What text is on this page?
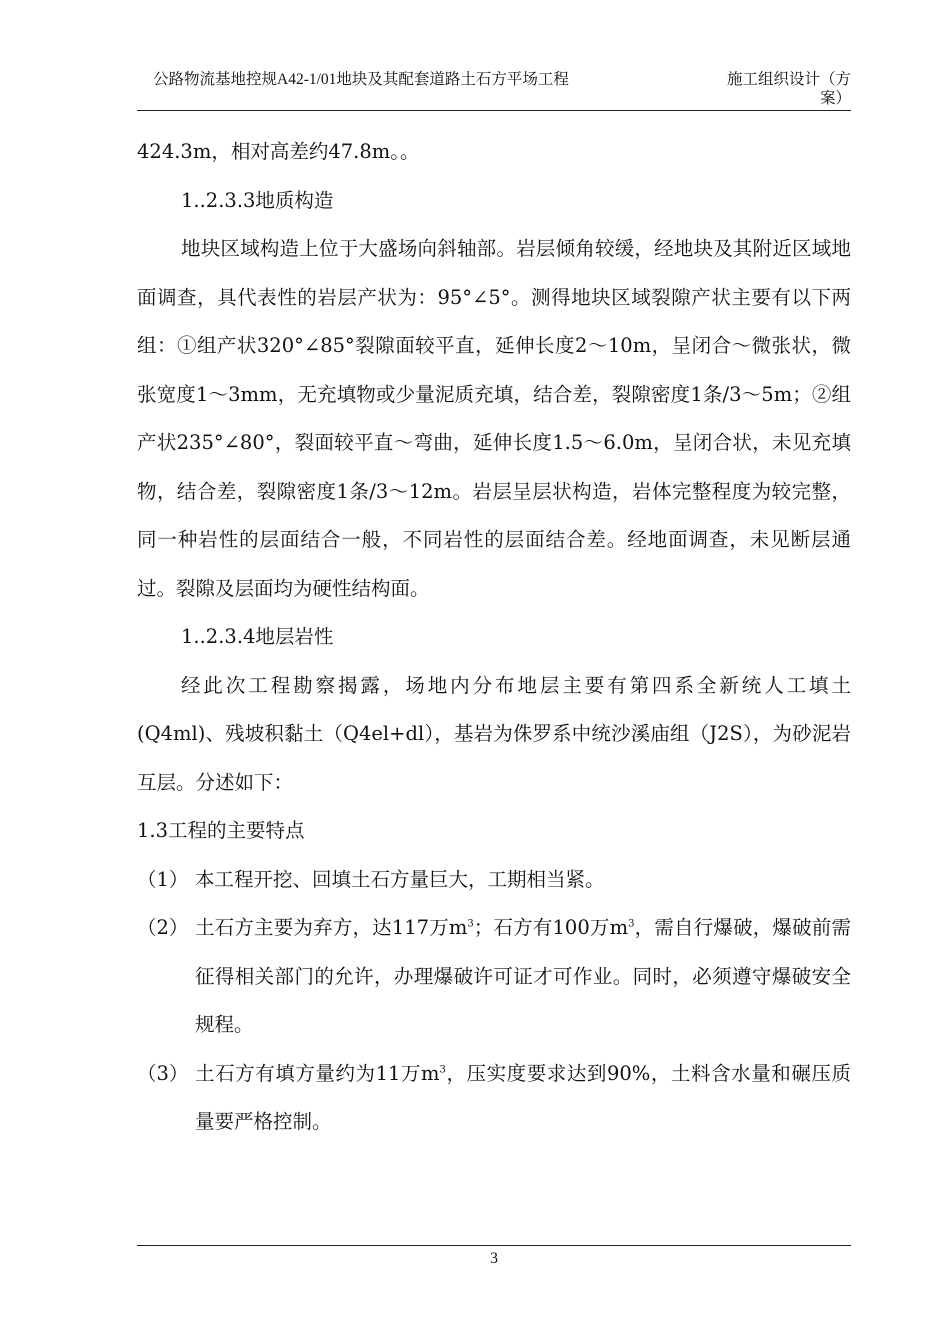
公路物流基地控规A42-1/01地块及其配套道路土石方平场工程	施工组织设计（方案）

424.3m，相对高差约47.8m。。

1..2.3.3地质构造

地块区域构造上位于大盛场向斜轴部。岩层倾角较缓，经地块及其附近区域地面调查，具代表性的岩层产状为：95°∠5°。测得地块区域裂隙产状主要有以下两组：①组产状320°∠85°裂隙面较平直，延伸长度2～10m，呈闭合～微张状，微张宽度1～3mm，无充填物或少量泥质充填，结合差，裂隙密度1条/3～5m；②组产状235°∠80°，裂面较平直～弯曲，延伸长度1.5～6.0m，呈闭合状，未见充填物，结合差，裂隙密度1条/3～12m。岩层呈层状构造，岩体完整程度为较完整，同一种岩性的层面结合一般，不同岩性的层面结合差。经地面调查，未见断层通过。裂隙及层面均为硬性结构面。

1..2.3.4地层岩性

经此次工程勘察揭露，场地内分布地层主要有第四系全新统人工填土(Q4ml)、残坡积黏土（Q4el+dl），基岩为侏罗系中统沙溪庙组（J2S），为砂泥岩互层。分述如下：

1.3工程的主要特点

（1） 本工程开挖、回填土石方量巨大，工期相当紧。
（2） 土石方主要为弃方，达117万$m^3$；石方有100万$m^3$，需自行爆破，爆破前需征得相关部门的允许，办理爆破许可证才可作业。同时，必须遵守爆破安全规程。
（3） 土石方有填方量约为11万$m^3$，压实度要求达到90%，土料含水量和碾压质量要严格控制。
3
